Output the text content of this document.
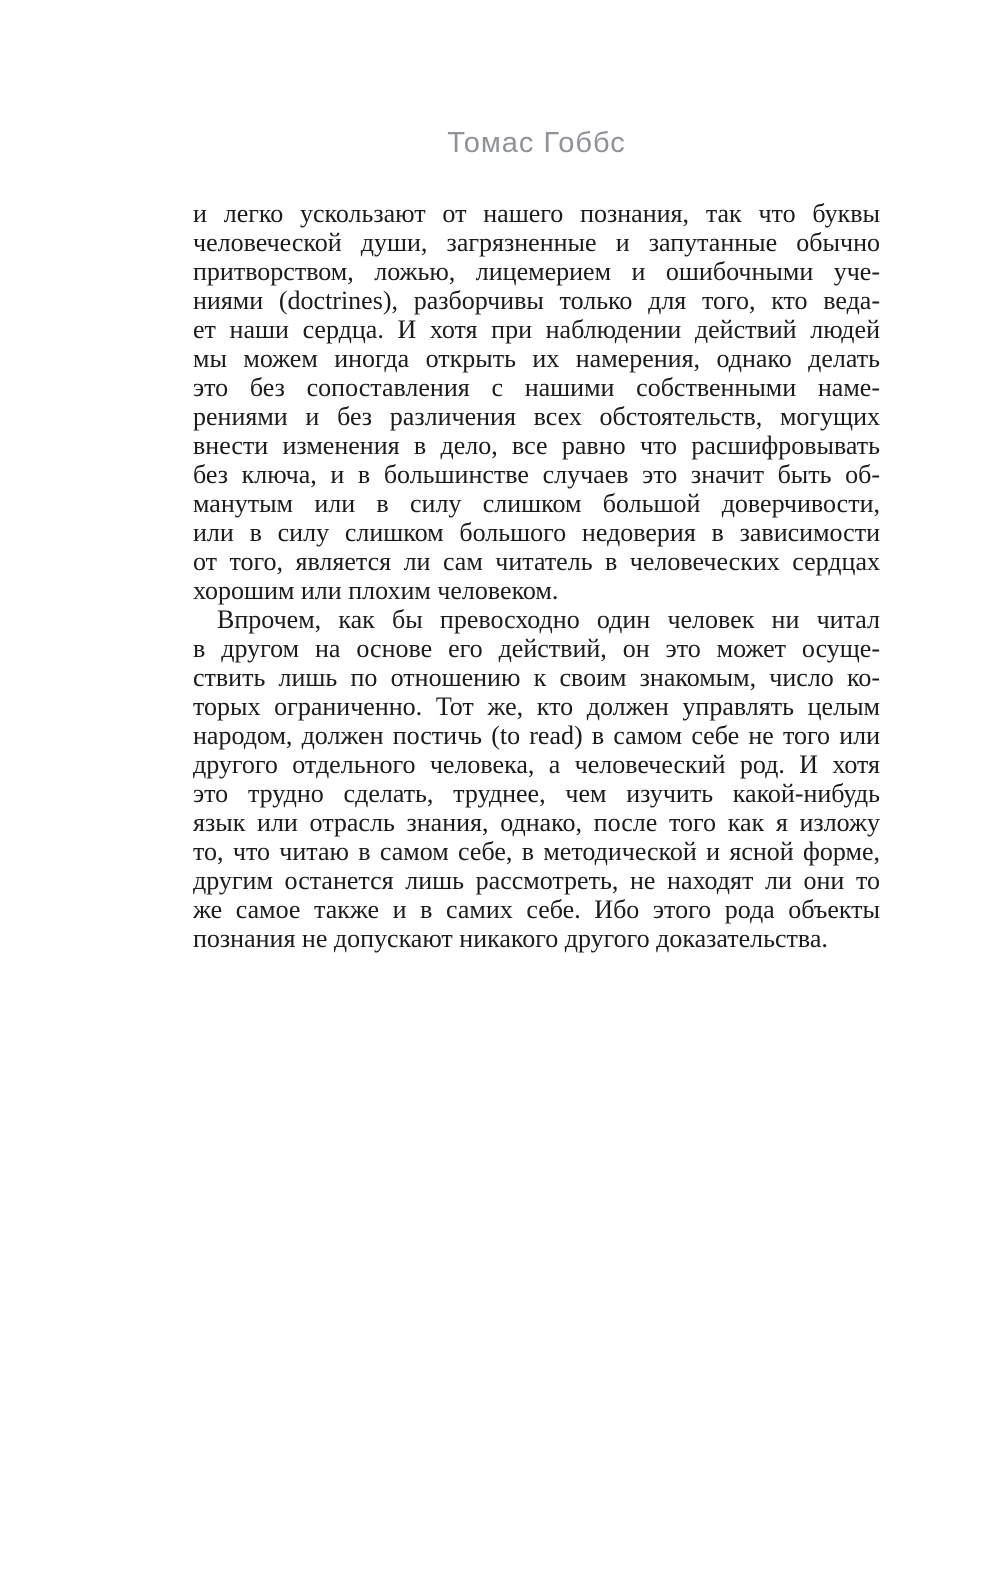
Томас Гоббс
и легко ускользают от нашего познания, так что буквы
человеческой души, загрязненные и запутанные обычно
притворством, ложью, лицемерием и ошибочными уче-
ниями (doctrines), разборчивы только для того, кто веда-
ет наши сердца. И хотя при наблюдении действий людей
мы можем иногда открыть их намерения, однако делать
это без сопоставления с нашими собственными наме-
рениями и без различения всех обстоятельств, могущих
внести изменения в дело, все равно что расшифровывать
без ключа, и в большинстве случаев это значит быть об-
манутым или в силу слишком большой доверчивости,
или в силу слишком большого недоверия в зависимости
от того, является ли сам читатель в человеческих сердцах
хорошим или плохим человеком.
Впрочем, как бы превосходно один человек ни читал
в другом на основе его действий, он это может осуще-
ствить лишь по отношению к своим знакомым, число ко-
торых ограниченно. Тот же, кто должен управлять целым
народом, должен постичь (to read) в самом себе не того или
другого отдельного человека, а человеческий род. И хотя
это трудно сделать, труднее, чем изучить какой-нибудь
язык или отрасль знания, однако, после того как я изложу
то, что читаю в самом себе, в методической и ясной форме,
другим останется лишь рассмотреть, не находят ли они то
же самое также и в самих себе. Ибо этого рода объекты
познания не допускают никакого другого доказательства.
